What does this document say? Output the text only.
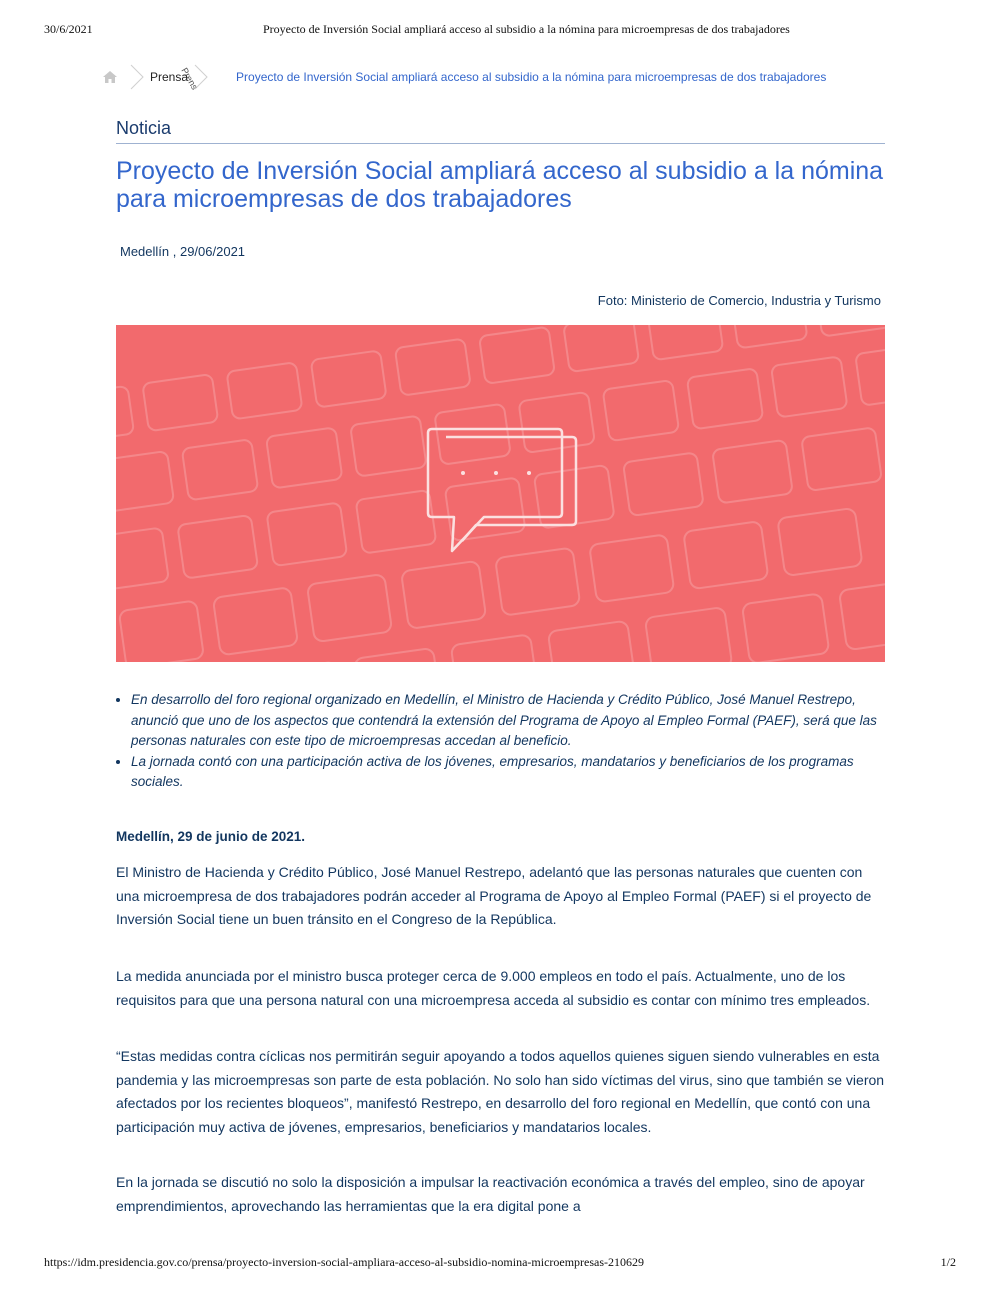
30/6/2021	Proyecto de Inversión Social ampliará acceso al subsidio a la nómina para microempresas de dos trabajadores
Prensa
Prens	Proyecto de Inversión Social ampliará acceso al subsidio a la nómina para microempresas de dos trabajadores
Noticia
Proyecto de Inversión Social ampliará acceso al subsidio a la nómina para microempresas de dos trabajadores
Medellín , 29/06/2021
Foto: Ministerio de Comercio, Industria y Turismo
• En desarrollo del foro regional organizado en Medellín, el Ministro de Hacienda y Crédito Público, José Manuel Restrepo, anunció que uno de los aspectos que contendrá la extensión del Programa de Apoyo al Empleo Formal (PAEF), será que las personas naturales con este tipo de microempresas accedan al beneficio.
• La jornada contó con una participación activa de los jóvenes, empresarios, mandatarios y beneficiarios de los programas sociales.
Medellín, 29 de junio de 2021.

El Ministro de Hacienda y Crédito Público, José Manuel Restrepo, adelantó que las personas naturales que cuenten con una microempresa de dos trabajadores podrán acceder al Programa de Apoyo al Empleo Formal (PAEF) si el proyecto de Inversión Social tiene un buen tránsito en el Congreso de la República.

La medida anunciada por el ministro busca proteger cerca de 9.000 empleos en todo el país. Actualmente, uno de los requisitos para que una persona natural con una microempresa acceda al subsidio es contar con mínimo tres empleados.

“Estas medidas contra cíclicas nos permitirán seguir apoyando a todos aquellos quienes siguen siendo vulnerables en esta pandemia y las microempresas son parte de esta población. No solo han sido víctimas del virus, sino que también se vieron afectados por los recientes bloqueos”, manifestó Restrepo, en desarrollo del foro regional en Medellín, que contó con una participación muy activa de jóvenes, empresarios, beneficiarios y mandatarios locales.

En la jornada se discutió no solo la disposición a impulsar la reactivación económica a través del empleo, sino de apoyar emprendimientos, aprovechando las herramientas que la era digital pone a

https://idm.presidencia.gov.co/prensa/proyecto-inversion-social-ampliara-acceso-al-subsidio-nomina-microempresas-210629	1/2
